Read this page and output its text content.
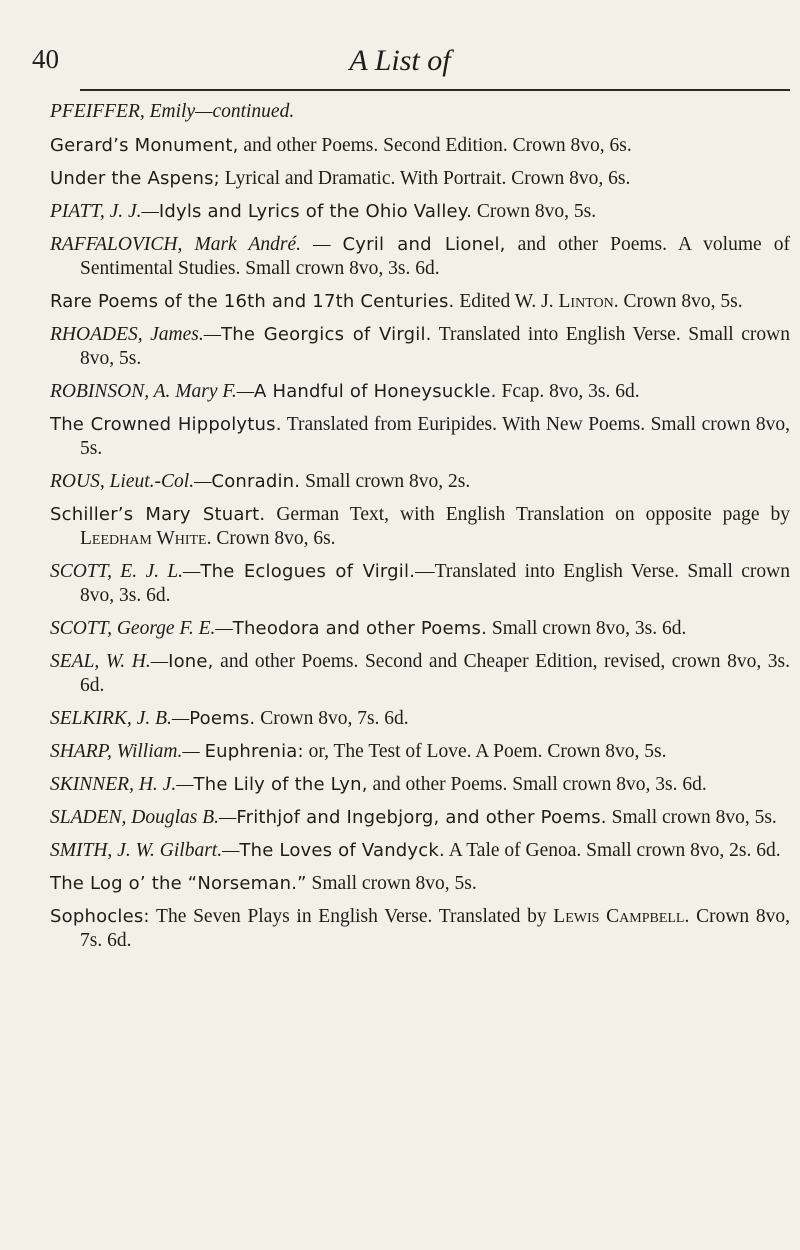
40	A List of

PFEIFFER, Emily—continued.

Gerard’s Monument, and other Poems. Second Edition. Crown 8vo, 6s.

Under the Aspens; Lyrical and Dramatic. With Portrait. Crown 8vo, 6s.

PIATT, J. J.—Idyls and Lyrics of the Ohio Valley. Crown 8vo, 5s.

RAFFALOVICH, Mark André. — Cyril and Lionel, and other Poems. A volume of Sentimental Studies. Small crown 8vo, 3s. 6d.

Rare Poems of the 16th and 17th Centuries. Edited W. J. Linton. Crown 8vo, 5s.

RHOADES, James.—The Georgics of Virgil. Translated into English Verse. Small crown 8vo, 5s.

ROBINSON, A. Mary F.—A Handful of Honeysuckle. Fcap. 8vo, 3s. 6d.

The Crowned Hippolytus. Translated from Euripides. With New Poems. Small crown 8vo, 5s.

ROUS, Lieut.-Col.—Conradin. Small crown 8vo, 2s.

Schiller’s Mary Stuart. German Text, with English Translation on opposite page by Leedham White. Crown 8vo, 6s.

SCOTT, E. J. L.—The Eclogues of Virgil.—Translated into English Verse. Small crown 8vo, 3s. 6d.

SCOTT, George F. E.—Theodora and other Poems. Small crown 8vo, 3s. 6d.

SEAL, W. H.—Ione, and other Poems. Second and Cheaper Edition, revised, crown 8vo, 3s. 6d.

SELKIRK, J. B.—Poems. Crown 8vo, 7s. 6d.

SHARP, William.— Euphrenia: or, The Test of Love. A Poem. Crown 8vo, 5s.

SKINNER, H. J.—The Lily of the Lyn, and other Poems. Small crown 8vo, 3s. 6d.

SLADEN, Douglas B.—Frithjof and Ingebjorg, and other Poems. Small crown 8vo, 5s.

SMITH, J. W. Gilbart.—The Loves of Vandyck. A Tale of Genoa. Small crown 8vo, 2s. 6d.

The Log o’ the “Norseman.” Small crown 8vo, 5s.

Sophocles: The Seven Plays in English Verse. Translated by Lewis Campbell. Crown 8vo, 7s. 6d.
